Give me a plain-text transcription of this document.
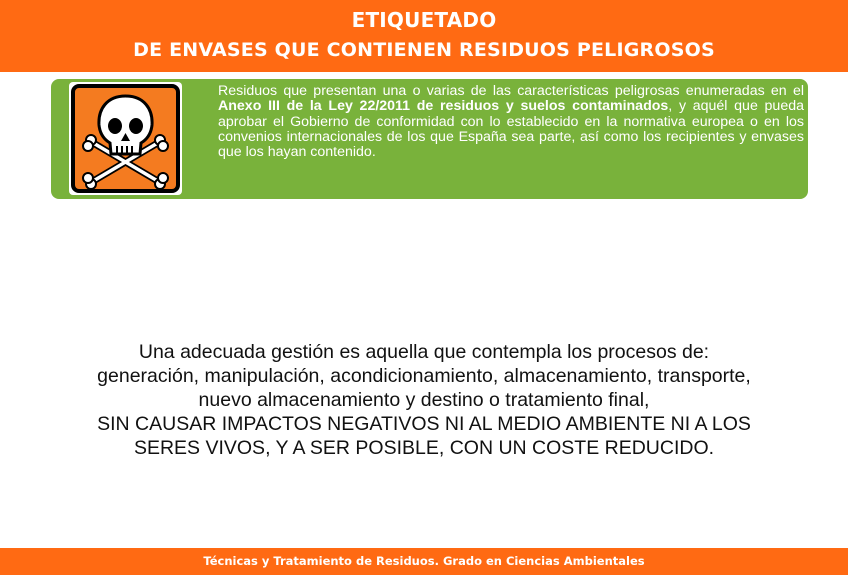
ETIQUETADO
DE ENVASES QUE CONTIENEN RESIDUOS PELIGROSOS
Residuos que presentan una o varias de las características peligrosas enumeradas en el Anexo III de la Ley 22/2011 de residuos y suelos contaminados, y aquél que pueda aprobar el Gobierno de conformidad con lo establecido en la normativa europea o en los convenios internacionales de los que España sea parte, así como los recipientes y envases que los hayan contenido.
Una adecuada gestión es aquella que contempla los procesos de:
generación, manipulación, acondicionamiento, almacenamiento, transporte,
nuevo almacenamiento y destino o tratamiento final,
SIN CAUSAR IMPACTOS NEGATIVOS NI AL MEDIO AMBIENTE NI A LOS
SERES VIVOS, Y A SER POSIBLE, CON UN COSTE REDUCIDO.
Técnicas y Tratamiento de Residuos. Grado en Ciencias Ambientales
